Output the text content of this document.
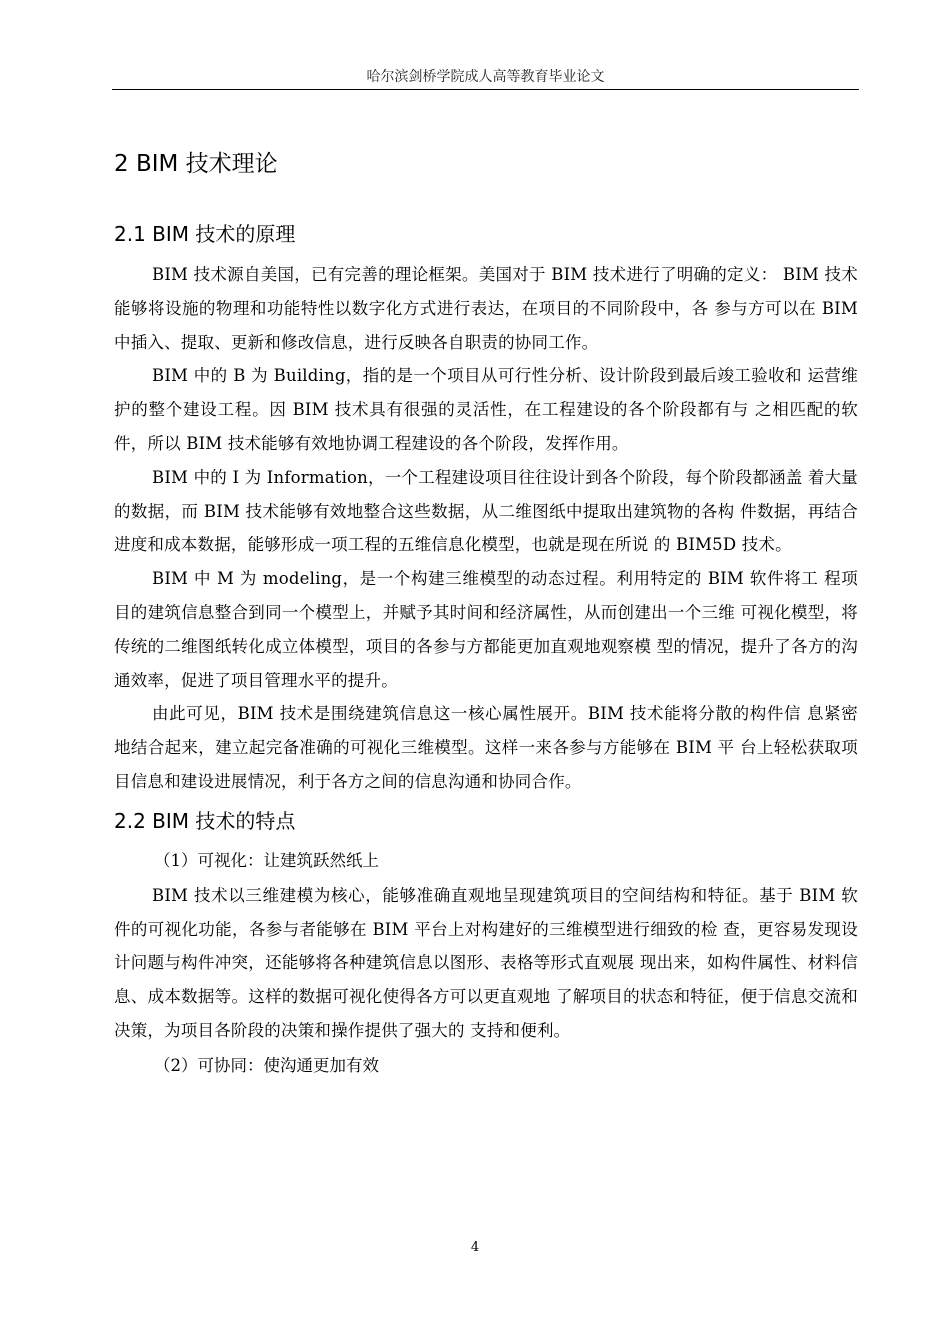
哈尔滨剑桥学院成人高等教育毕业论文
2 BIM 技术理论
2.1 BIM 技术的原理

BIM 技术源自美国，已有完善的理论框架。美国对于 BIM 技术进行了明确的定义： BIM 技术能够将设施的物理和功能特性以数字化方式进行表达，在项目的不同阶段中，各 参与方可以在 BIM 中插入、提取、更新和修改信息，进行反映各自职责的协同工作。

BIM 中的 B 为 Building，指的是一个项目从可行性分析、设计阶段到最后竣工验收和 运营维护的整个建设工程。因 BIM 技术具有很强的灵活性，在工程建设的各个阶段都有与 之相匹配的软件，所以 BIM 技术能够有效地协调工程建设的各个阶段，发挥作用。

BIM 中的 I 为 Information，一个工程建设项目往往设计到各个阶段，每个阶段都涵盖 着大量的数据，而 BIM 技术能够有效地整合这些数据，从二维图纸中提取出建筑物的各构 件数据，再结合进度和成本数据，能够形成一项工程的五维信息化模型，也就是现在所说 的 BIM5D 技术。

BIM 中 M 为 modeling，是一个构建三维模型的动态过程。利用特定的 BIM 软件将工 程项目的建筑信息整合到同一个模型上，并赋予其时间和经济属性，从而创建出一个三维 可视化模型，将传统的二维图纸转化成立体模型，项目的各参与方都能更加直观地观察模 型的情况，提升了各方的沟通效率，促进了项目管理水平的提升。

由此可见，BIM 技术是围绕建筑信息这一核心属性展开。BIM 技术能将分散的构件信 息紧密地结合起来，建立起完备准确的可视化三维模型。这样一来各参与方能够在 BIM 平 台上轻松获取项目信息和建设进展情况，利于各方之间的信息沟通和协同合作。

2.2 BIM 技术的特点

（1）可视化：让建筑跃然纸上

BIM 技术以三维建模为核心，能够准确直观地呈现建筑项目的空间结构和特征。基于 BIM 软件的可视化功能，各参与者能够在 BIM 平台上对构建好的三维模型进行细致的检 查，更容易发现设计问题与构件冲突，还能够将各种建筑信息以图形、表格等形式直观展 现出来，如构件属性、材料信息、成本数据等。这样的数据可视化使得各方可以更直观地 了解项目的状态和特征，便于信息交流和决策，为项目各阶段的决策和操作提供了强大的 支持和便利。

（2）可协同：使沟通更加有效

4
